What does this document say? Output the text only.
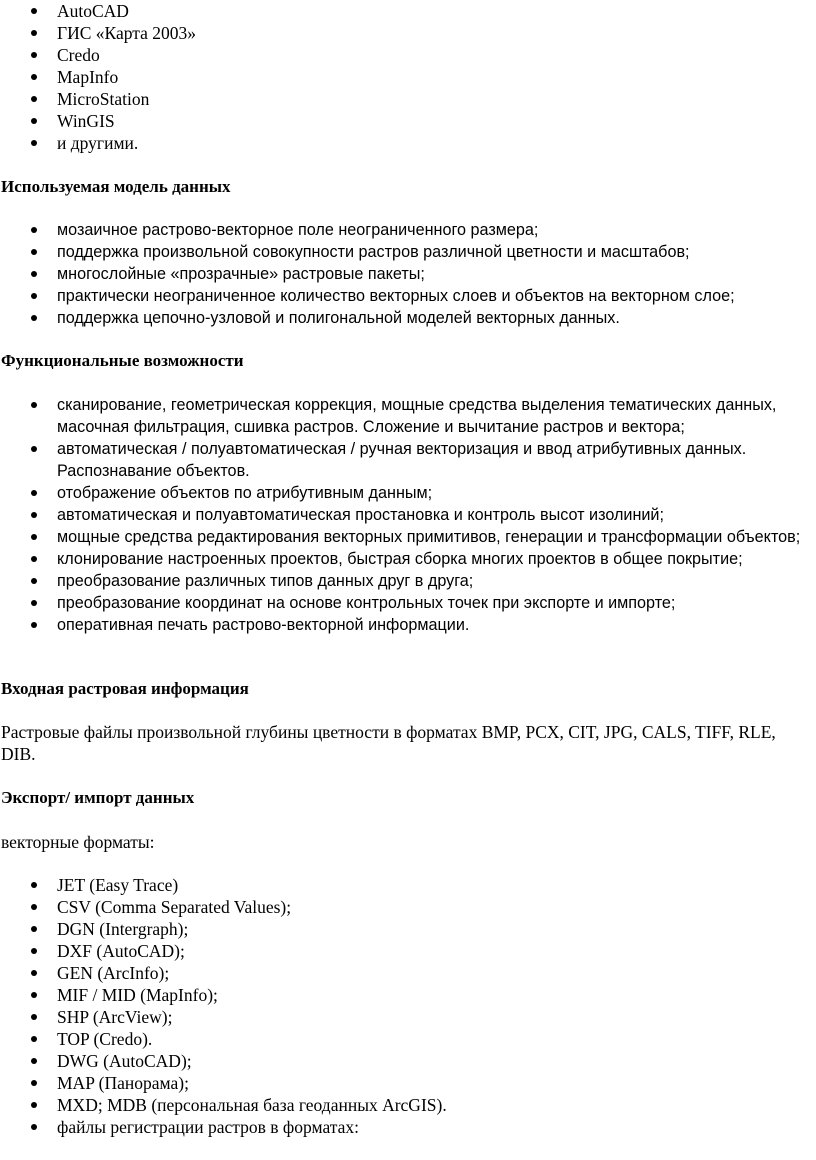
AutoCAD
ГИС «Карта 2003»
Credo
MapInfo
MicroStation
WinGIS
и другими.

Используемая модель данных

мозаичное растрово-векторное поле неограниченного размера;
поддержка произвольной совокупности растров различной цветности и масштабов;
многослойные «прозрачные» растровые пакеты;
практически неограниченное количество векторных слоев и объектов на векторном слое;
поддержка цепочно-узловой и полигональной моделей векторных данных.

Функциональные возможности

сканирование, геометрическая коррекция, мощные средства выделения тематических данных, масочная фильтрация, сшивка растров. Сложение и вычитание растров и вектора;
автоматическая / полуавтоматическая / ручная векторизация и ввод атрибутивных данных. Распознавание объектов.
отображение объектов по атрибутивным данным;
автоматическая и полуавтоматическая простановка и контроль высот изолиний;
мощные средства редактирования векторных примитивов, генерации и трансформации объектов;
клонирование настроенных проектов, быстрая сборка многих проектов в общее покрытие;
преобразование различных типов данных друг в друга;
преобразование координат на основе контрольных точек при экспорте и импорте;
оперативная печать растрово-векторной информации.

Входная растровая информация

Растровые файлы произвольной глубины цветности в форматах BMP, PCX, CIT, JPG, CALS, TIFF, RLE, DIB.

Экспорт/ импорт данных

векторные форматы:

JET (Easy Trace)
CSV (Comma Separated Values);
DGN (Intergraph);
DXF (AutoCAD);
GEN (ArcInfo);
MIF / MID (MapInfo);
SHP (ArcView);
TOP (Credo).
DWG (AutoCAD);
MAP (Панорама);
MXD; MDB (персональная база геоданных ArcGIS).
файлы регистрации растров в форматах:
